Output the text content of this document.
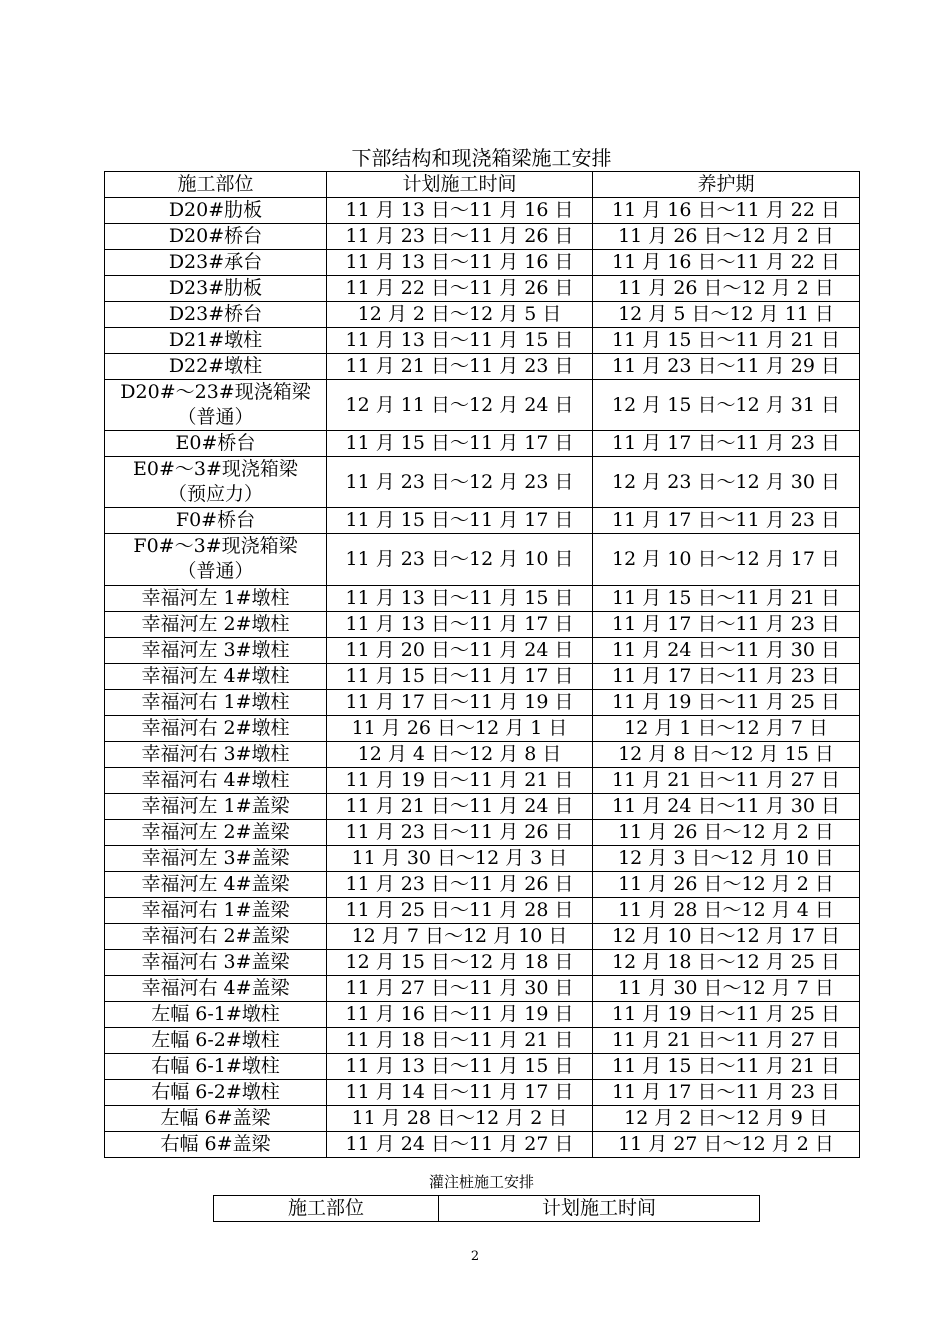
下部结构和现浇箱梁施工安排
施工部位	计划施工时间	养护期
D20#肋板	11 月 13 日～11 月 16 日	11 月 16 日～11 月 22 日
D20#桥台	11 月 23 日～11 月 26 日	11 月 26 日～12 月 2 日
D23#承台	11 月 13 日～11 月 16 日	11 月 16 日～11 月 22 日
D23#肋板	11 月 22 日～11 月 26 日	11 月 26 日～12 月 2 日
D23#桥台	12 月 2 日～12 月 5 日	12 月 5 日～12 月 11 日
D21#墩柱	11 月 13 日～11 月 15 日	11 月 15 日～11 月 21 日
D22#墩柱	11 月 21 日～11 月 23 日	11 月 23 日～11 月 29 日
D20#～23#现浇箱梁
（普通）	12 月 11 日～12 月 24 日	12 月 15 日～12 月 31 日
E0#桥台	11 月 15 日～11 月 17 日	11 月 17 日～11 月 23 日
E0#～3#现浇箱梁
（预应力）	11 月 23 日～12 月 23 日	12 月 23 日～12 月 30 日
F0#桥台	11 月 15 日～11 月 17 日	11 月 17 日～11 月 23 日
F0#～3#现浇箱梁
（普通）	11 月 23 日～12 月 10 日	12 月 10 日～12 月 17 日
幸福河左 1#墩柱	11 月 13 日～11 月 15 日	11 月 15 日～11 月 21 日
幸福河左 2#墩柱	11 月 13 日～11 月 17 日	11 月 17 日～11 月 23 日
幸福河左 3#墩柱	11 月 20 日～11 月 24 日	11 月 24 日～11 月 30 日
幸福河左 4#墩柱	11 月 15 日～11 月 17 日	11 月 17 日～11 月 23 日
幸福河右 1#墩柱	11 月 17 日～11 月 19 日	11 月 19 日～11 月 25 日
幸福河右 2#墩柱	11 月 26 日～12 月 1 日	12 月 1 日～12 月 7 日
幸福河右 3#墩柱	12 月 4 日～12 月 8 日	12 月 8 日～12 月 15 日
幸福河右 4#墩柱	11 月 19 日～11 月 21 日	11 月 21 日～11 月 27 日
幸福河左 1#盖梁	11 月 21 日～11 月 24 日	11 月 24 日～11 月 30 日
幸福河左 2#盖梁	11 月 23 日～11 月 26 日	11 月 26 日～12 月 2 日
幸福河左 3#盖梁	11 月 30 日～12 月 3 日	12 月 3 日～12 月 10 日
幸福河左 4#盖梁	11 月 23 日～11 月 26 日	11 月 26 日～12 月 2 日
幸福河右 1#盖梁	11 月 25 日～11 月 28 日	11 月 28 日～12 月 4 日
幸福河右 2#盖梁	12 月 7 日～12 月 10 日	12 月 10 日～12 月 17 日
幸福河右 3#盖梁	12 月 15 日～12 月 18 日	12 月 18 日～12 月 25 日
幸福河右 4#盖梁	11 月 27 日～11 月 30 日	11 月 30 日～12 月 7 日
左幅 6-1#墩柱	11 月 16 日～11 月 19 日	11 月 19 日～11 月 25 日
左幅 6-2#墩柱	11 月 18 日～11 月 21 日	11 月 21 日～11 月 27 日
右幅 6-1#墩柱	11 月 13 日～11 月 15 日	11 月 15 日～11 月 21 日
右幅 6-2#墩柱	11 月 14 日～11 月 17 日	11 月 17 日～11 月 23 日
左幅 6#盖梁	11 月 28 日～12 月 2 日	12 月 2 日～12 月 9 日
右幅 6#盖梁	11 月 24 日～11 月 27 日	11 月 27 日～12 月 2 日
灌注桩施工安排
施工部位	计划施工时间
2
